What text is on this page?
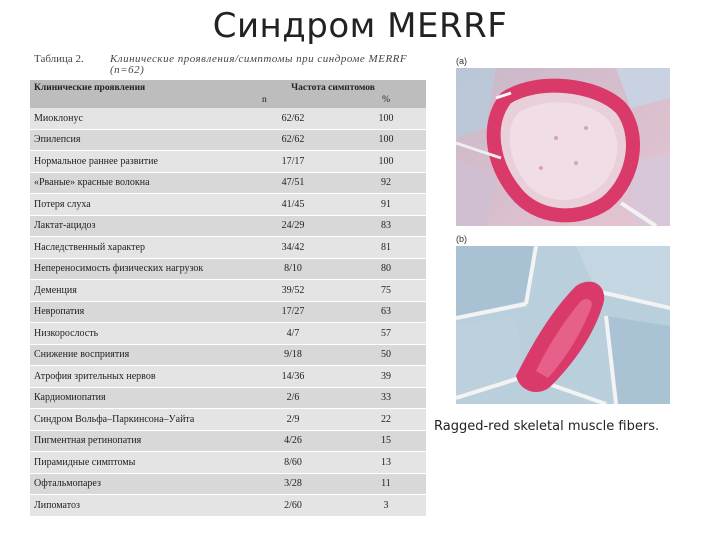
Синдром MERRF
Таблица 2. Клинические проявления/симптомы при синдроме MERRF (n=62)
Клинические проявления	Частота симптомов
n %	

Миоклонус	62/62	100
Эпилепсия	62/62	100
Нормальное раннее развитие	17/17	100
«Рваные» красные волокна	47/51	92
Потеря слуха	41/45	91
Лактат-ацидоз	24/29	83
Наследственный характер	34/42	81
Непереносимость физических нагрузок	8/10	80
Деменция	39/52	75
Невропатия	17/27	63
Низкорослость	4/7	57
Снижение восприятия	9/18	50
Атрофия зрительных нервов	14/36	39
Кардиомиопатия	2/6	33
Синдром Вольфа–Паркинсона–Уайта	2/9	22
Пигментная ретинопатия	4/26	15
Пирамидные симптомы	8/60	13
Офтальмопарез	3/28	11
Липоматоз	2/60	3
(a)
(b)
Ragged-red skeletal muscle fibers.
